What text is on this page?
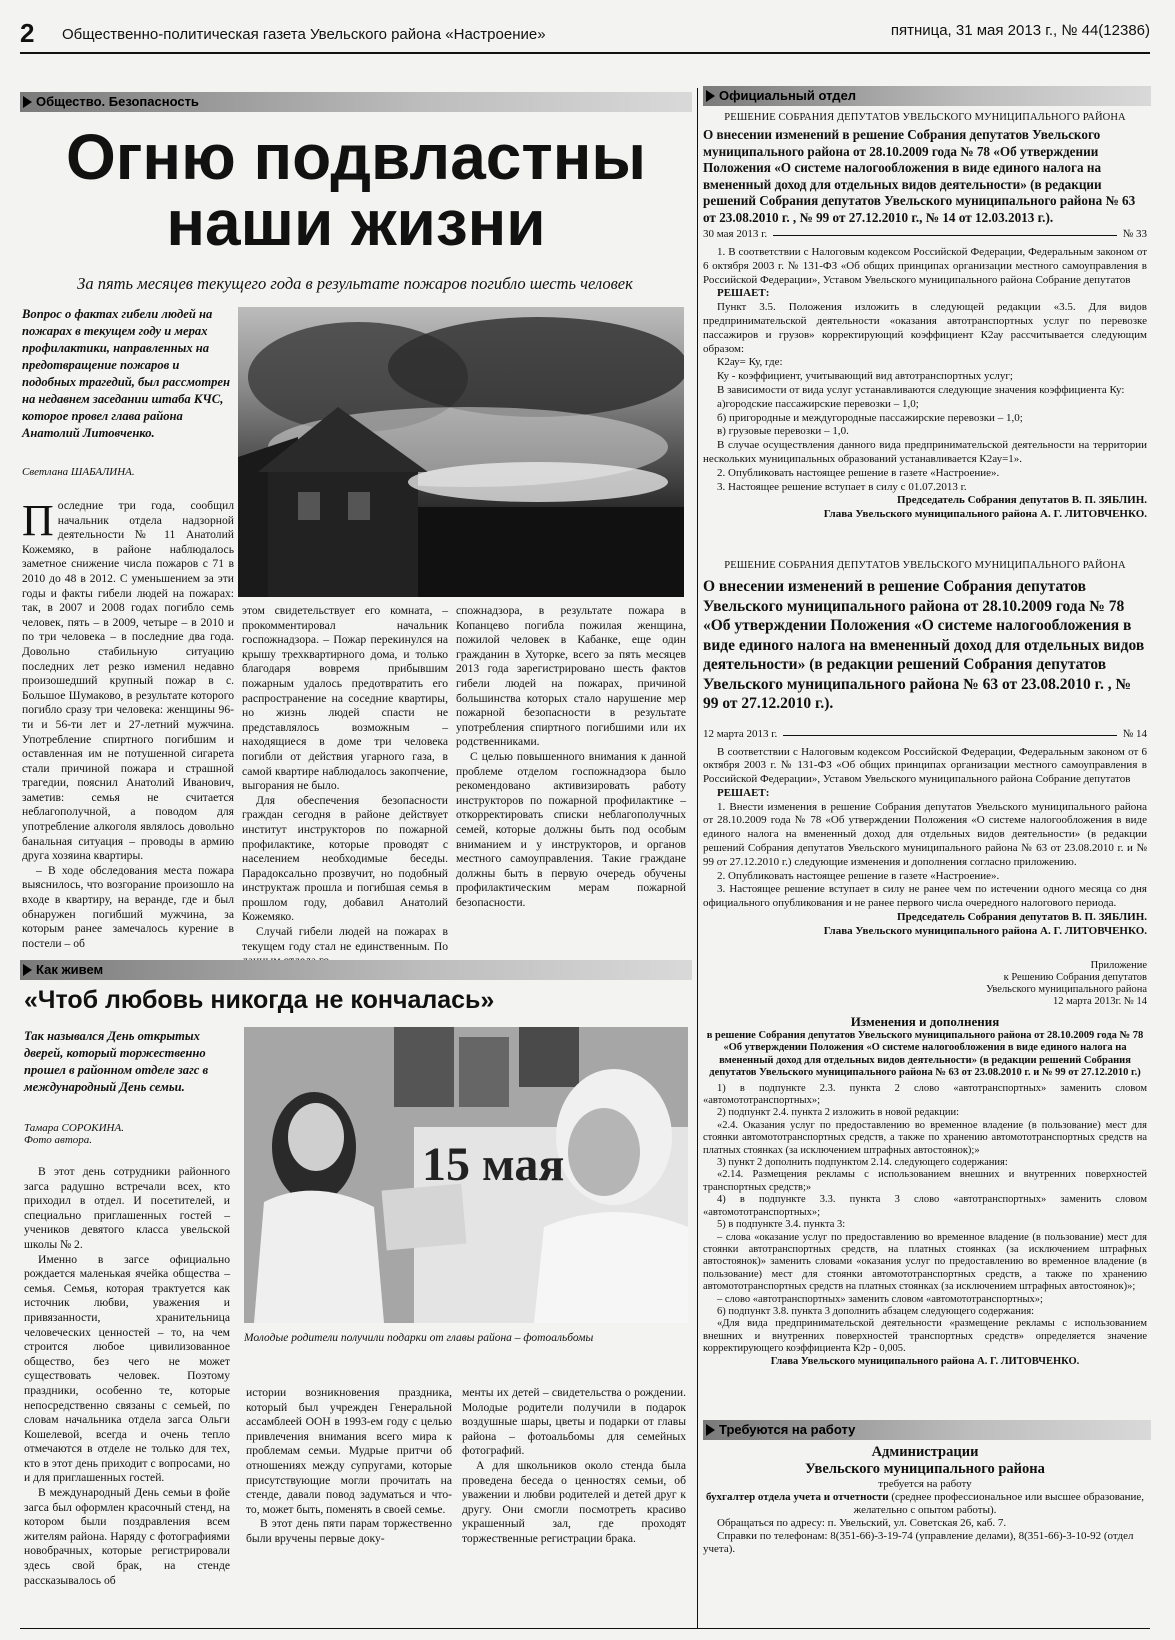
2 Общественно-политическая газета Увельского района «Настроение»	пятница, 31 мая 2013 г., № 44(12386)
Общество. Безопасность
Огню подвластны
наши жизни
За пять месяцев текущего года в результате пожаров погибло шесть человек
Вопрос о фактах гибели людей на пожарах в текущем году и мерах профилактики, направленных на предотвращение пожаров и подобных трагедий, был рассмотрен на недавнем заседании штаба КЧС, которое провел глава района Анатолий Литовченко.
Светлана ШАБАЛИНА.
П оследние три года, сообщил начальник отдела надзорной деятельности № 11 Анатолий Кожемяко, в районе наблюдалось заметное снижение числа пожаров с 71 в 2010 до 48 в 2012. С уменьшением за эти годы и факты гибели людей на пожарах: так, в 2007 и 2008 годах погибло семь человек, пять – в 2009, четыре – в 2010 и по три человека – в последние два года. Довольно стабильную ситуацию последних лет резко изменил недавно произошедший крупный пожар в с. Большое Шумаково, в результате которого погибло сразу три человека: женщины 96-ти и 56-ти лет и 27-летний мужчина. Употребление спиртного погибшим и оставленная им не потушенной сигарета стали причиной пожара и страшной трагедии, пояснил Анатолий Иванович, заметив: семья не считается неблагополучной, а поводом для употребление алкоголя являлось довольно банальная ситуация – проводы в армию друга хозяина квартиры.

– В ходе обследования места пожара выяснилось, что возгорание произошло на входе в квартиру, на веранде, где и был обнаружен погибший мужчина, за которым ранее замечалось курение в постели – об

этом свидетельствует его комната, – прокомментировал начальник госпожнадзора. – Пожар перекинулся на крышу трехквартирного дома, и только благодаря вовремя прибывшим пожарным удалось предотвратить его распространение на соседние квартиры, но жизнь людей спасти не представлялось возможным – находящиеся в доме три человека погибли от действия угарного газа, в самой квартире наблюдалось закопчение, выгорания не было.

Для обеспечения безопасности граждан сегодня в районе действует институт инструкторов по пожарной профилактике, которые проводят с населением необходимые беседы. Парадоксально прозвучит, но подобный инструктаж прошла и погибшая семья в прошлом году, добавил Анатолий Кожемяко.

Случай гибели людей на пожарах в текущем году стал не единственным. По

спожнадзора, в результате пожара в Копанцево погибла пожилая женщина, пожилой человек в Кабанке, еще один гражданин в Хуторке, всего за пять месяцев 2013 года зарегистрировано шесть фактов гибели людей на пожарах, причиной большинства которых стало нарушение мер пожарной безопасности в результате употребления спиртного погибшими или их родственниками.

С целью повышенного внимания к данной проблеме отделом госпожнадзора было рекомендовано активизировать работу инструкторов по пожарной профилактике – откорректировать списки неблагополучных семей, которые должны быть под особым вниманием и у инструкторов, и органов местного самоуправления. Такие граждане должны быть в первую очередь обучены профилактическим мерам пожарной безопасности.

Как живем
«Чтоб любовь никогда не кончалась»
Так назывался День открытых дверей, который торжественно прошел в районном отделе загс в международный День семьи.
Тамара СОРОКИНА.
Фото автора.	15 мая
Молодые родители получили подарки от главы района – фотоальбомы

В этот день сотрудники районного загса радушно встречали всех, кто приходил в отдел. И посетителей, и специально приглашенных гостей – учеников девятого класса увельской школы № 2.

Именно в загсе официально рождается маленькая ячейка общества – семья. Семья, которая трактуется как источник любви, уважения и привязанности, хранительница человеческих ценностей – то, на чем строится любое цивилизованное общество, без чего не может существовать человек. Поэтому праздники, особенно те, которые непосредственно связаны с семьей, по словам начальника отдела загса Ольги Кошелевой, всегда и очень тепло отмечаются в отделе не только для тех, кто в этот день приходит с вопросами, но и для приглашенных гостей.

В международный День семьи в фойе загса был оформлен красочный стенд, на котором были поздравления всем жителям района. Наряду с фотографиями новобрачных, которые регистрировали здесь свой брак, на стенде рассказывалось об

истории возникновения праздника, который был учрежден Генеральной ассамблеей ООН в 1993-ем году с целью привлечения внимания всего мира к проблемам семьи. Мудрые притчи об отношениях между супругами, которые присутствующие могли прочитать на стенде, давали повод задуматься и что-то, может быть, поменять в своей семье.

В этот день пяти парам торжественно были вручены первые доку-

менты их детей – свидетельства о рождении. Молодые родители получили в подарок воздушные шары, цветы и подарки от главы района – фотоальбомы для семейных фотографий.

А для школьников около стенда была проведена беседа о ценностях семьи, об уважении и любви родителей и детей друг к другу. Они смогли посмотреть красиво украшенный зал, где проходят торжественные регистрации брака.

Официальный отдел
РЕШЕНИЕ СОБРАНИЯ ДЕПУТАТОВ УВЕЛЬСКОГО МУНИЦИПАЛЬНОГО РАЙОНА
О внесении изменений в решение Собрания депутатов Увельского муниципального района от 28.10.2009 года № 78 «Об утверждении Положения «О системе налогообложения в виде единого налога на вмененный доход для отдельных видов деятельности» (в редакции решений Собрания депутатов Увельского муниципального района № 63 от 23.08.2010 г. , № 99 от 27.12.2010 г., № 14 от 12.03.2013 г.).
30 мая 2013 г.	№ 33

1. В соответствии с Налоговым кодексом Российской Федерации, Федеральным законом от 6 октября 2003 г. № 131-ФЗ «Об общих принципах организации местного самоуправления в Российской Федерации», Уставом Увельского муниципального района Собрание депутатов

РЕШАЕТ:

Пункт 3.5. Положения изложить в следующей редакции «3.5. Для видов предпринимательской деятельности «оказания автотранспортных услуг по перевозке пассажиров и грузов» корректирующий коэффициент К2ау рассчитывается следующим образом:

К2ау= Ку, где:

Ку - коэффициент, учитывающий вид автотранспортных услуг;

В зависимости от вида услуг устанавливаются следующие значения коэффициента Ку:

а)городские пассажирские перевозки – 1,0;

б) пригородные и междугородные пассажирские перевозки – 1,0;

в) грузовые перевозки – 1,0.

В случае осуществления данного вида предпринимательской деятельности на территории нескольких муниципальных образований устанавливается К2ау=1».

2. Опубликовать настоящее решение в газете «Настроение».

3. Настоящее решение вступает в силу с 01.07.2013 г.

Председатель Собрания депутатов В. П. ЗЯБЛИН.
Глава Увельского муниципального района А. Г. ЛИТОВЧЕНКО.
РЕШЕНИЕ СОБРАНИЯ ДЕПУТАТОВ УВЕЛЬСКОГО МУНИЦИПАЛЬНОГО РАЙОНА
О внесении изменений в решение Собрания депутатов Увельского муниципального района от 28.10.2009 года № 78 «Об утверждении Положения «О системе налогообложения в виде единого налога на вмененный доход для отдельных видов деятельности» (в редакции решений Собрания депутатов Увельского муниципального района № 63 от 23.08.2010 г. , № 99 от 27.12.2010 г.).
12 марта 2013 г.	№ 14

В соответствии с Налоговым кодексом Российской Федерации, Федеральным законом от 6 октября 2003 г. № 131-ФЗ «Об общих принципах организации местного самоуправления в Российской Федерации», Уставом Увельского муниципального района Собрание депутатов

РЕШАЕТ:

1. Внести изменения в решение Собрания депутатов Увельского муниципального района от 28.10.2009 года № 78 «Об утверждении Положения «О системе налогообложения в виде единого налога на вмененный доход для отдельных видов деятельности» (в редакции решений Собрания депутатов Увельского муниципального района № 63 от 23.08.2010 г. и № 99 от 27.12.2010 г.) следующие изменения и дополнения согласно приложению.

2. Опубликовать настоящее решение в газете «Настроение».

3. Настоящее решение вступает в силу не ранее чем по истечении одного месяца со дня официального опубликования и не ранее первого числа очередного налогового периода.

Председатель Собрания депутатов В. П. ЗЯБЛИН.
Глава Увельского муниципального района А. Г. ЛИТОВЧЕНКО.
Приложение
к Решению Собрания депутатов
Увельского муниципального района
12 марта 2013г. № 14
Изменения и дополнения
в решение Собрания депутатов Увельского муниципального района от 28.10.2009 года № 78 «Об утверждении Положения «О системе налогообложения в виде единого налога на вмененный доход для отдельных видов деятельности» (в редакции решений Собрания депутатов Увельского муниципального района № 63 от 23.08.2010 г. и № 99 от 27.12.2010 г.)

1) в подпункте 2.3. пункта 2 слово «автотранспортных» заменить словом «автомототранспортных»;

2) подпункт 2.4. пункта 2 изложить в новой редакции:

«2.4. Оказания услуг по предоставлению во временное владение (в пользование) мест для стоянки автомототранспортных средств, а также по хранению автомототранспортных средств на платных стоянках (за исключением штрафных автостоянок);»

3) пункт 2 дополнить подпунктом 2.14. следующего содержания:

«2.14. Размещения рекламы с использованием внешних и внутренних поверхностей транспортных средств;»

4) в подпункте 3.3. пункта 3 слово «автотранспортных» заменить словом «автомототранспортных»;

5) в подпункте 3.4. пункта 3:

– слова «оказание услуг по предоставлению во временное владение (в пользование) мест для стоянки автотранспортных средств, на платных стоянках (за исключением штрафных автостоянок)» заменить словами «оказания услуг по предоставлению во временное владение (в пользование) мест для стоянки автомототранспортных средств, а также по хранению автомототранспортных средств на платных стоянках (за исключением штрафных автостоянок)»;

– слово «автотранспортных» заменить словом «автомототранспортных»;

6) подпункт 3.8. пункта 3 дополнить абзацем следующего содержания:

«Для вида предпринимательской деятельности «размещение рекламы с использованием внешних и внутренних поверхностей транспортных средств» определяется значение корректирующего коэффициента К2р - 0,005.

Глава Увельского муниципального района А. Г. ЛИТОВЧЕНКО.
Требуются на работу
Администрации
Увельского муниципального района
требуется на работу
бухгалтер отдела учета и отчетности (среднее профессиональное или высшее образование, желательно с опытом работы).
Обращаться по адресу: п. Увельский, ул. Советская 26, каб. 7.
Справки по телефонам: 8(351-66)-3-19-74 (управление делами), 8(351-66)-3-10-92 (отдел учета).
